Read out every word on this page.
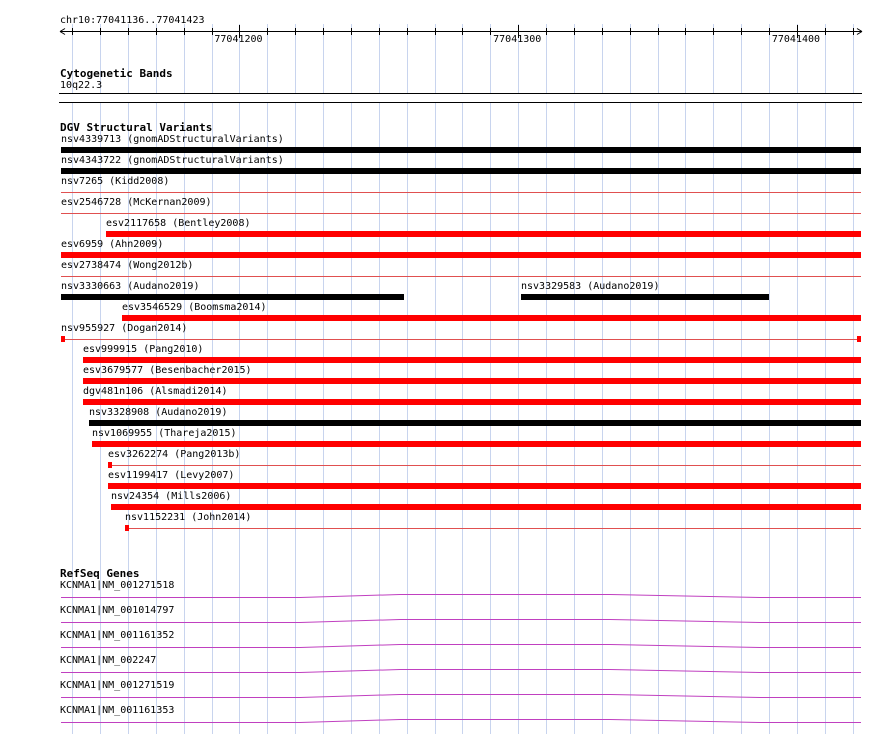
chr10:77041136..77041423
Cytogenetic Bands
10q22.3
DGV Structural Variants
nsv4339713 (gnomADStructuralVariants)
nsv4343722 (gnomADStructuralVariants)
nsv7265 (Kidd2008)
esv2546728 (McKernan2009)
esv2117658 (Bentley2008)
esv6959 (Ahn2009)
esv2738474 (Wong2012b)
nsv3330663 (Audano2019)	nsv3329583 (Audano2019)
esv3546529 (Boomsma2014)
nsv955927 (Dogan2014)
esv999915 (Pang2010)
esv3679577 (Besenbacher2015)
dgv481n106 (Alsmadi2014)
nsv3328908 (Audano2019)
nsv1069955 (Thareja2015)
esv3262274 (Pang2013b)
esv1199417 (Levy2007)
nsv24354 (Mills2006)
nsv1152231 (John2014)
RefSeq Genes
KCNMA1|NM_001271518
KCNMA1|NM_001014797
KCNMA1|NM_001161352
KCNMA1|NM_002247
KCNMA1|NM_001271519
KCNMA1|NM_001161353
77041200	77041300	77041400
